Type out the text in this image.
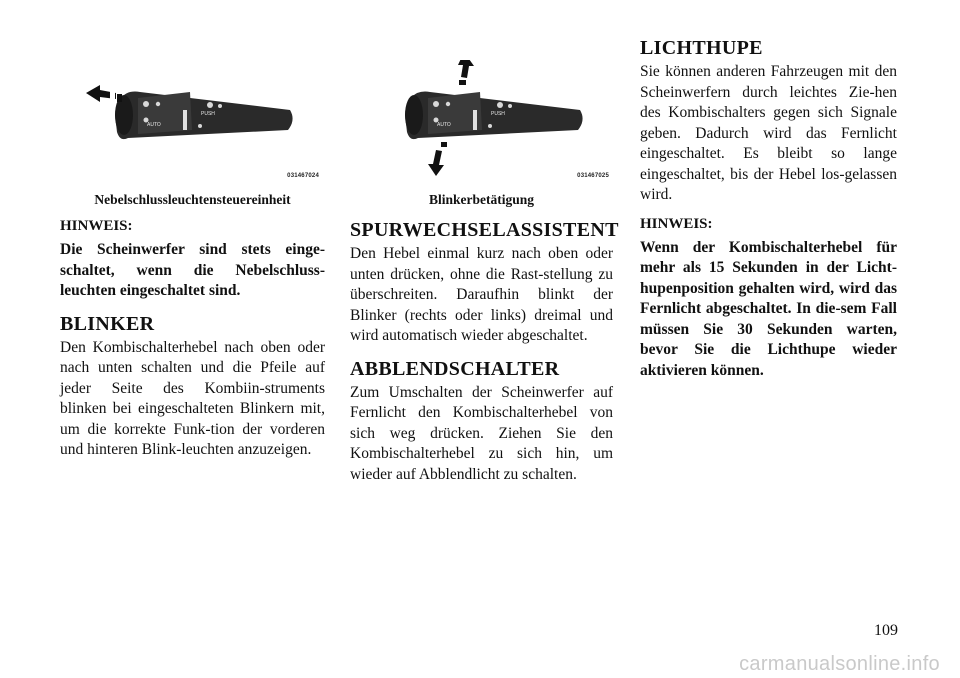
AUTO
PUSH
031467024

Nebelschlussleuchtensteuereinheit

HINWEIS:

Die Scheinwerfer sind stets einge-schaltet, wenn die Nebelschluss-leuchten eingeschaltet sind.

BLINKER

Den Kombischalterhebel nach oben oder nach unten schalten und die Pfeile auf jeder Seite des Kombiin-struments blinken bei eingeschalteten Blinkern mit, um die korrekte Funk-tion der vorderen und hinteren Blink-leuchten anzuzeigen.

AUTO
PUSH
031467025

Blinkerbetätigung

SPURWECHSELASSISTENT

Den Hebel einmal kurz nach oben oder unten drücken, ohne die Rast-stellung zu überschreiten. Daraufhin blinkt der Blinker (rechts oder links) dreimal und wird automatisch wieder abgeschaltet.

ABBLENDSCHALTER

Zum Umschalten der Scheinwerfer auf Fernlicht den Kombischalterhebel von sich weg drücken. Ziehen Sie den Kombischalterhebel zu sich hin, um wieder auf Abblendlicht zu schalten.

LICHTHUPE

Sie können anderen Fahrzeugen mit den Scheinwerfern durch leichtes Zie-hen des Kombischalters gegen sich Signale geben. Dadurch wird das Fernlicht eingeschaltet. Es bleibt so lange eingeschaltet, bis der Hebel los-gelassen wird.

HINWEIS:

Wenn der Kombischalterhebel für mehr als 15 Sekunden in der Licht-hupenposition gehalten wird, wird das Fernlicht abgeschaltet. In die-sem Fall müssen Sie 30 Sekunden warten, bevor Sie die Lichthupe wieder aktivieren können.

109
carmanualsonline.info
